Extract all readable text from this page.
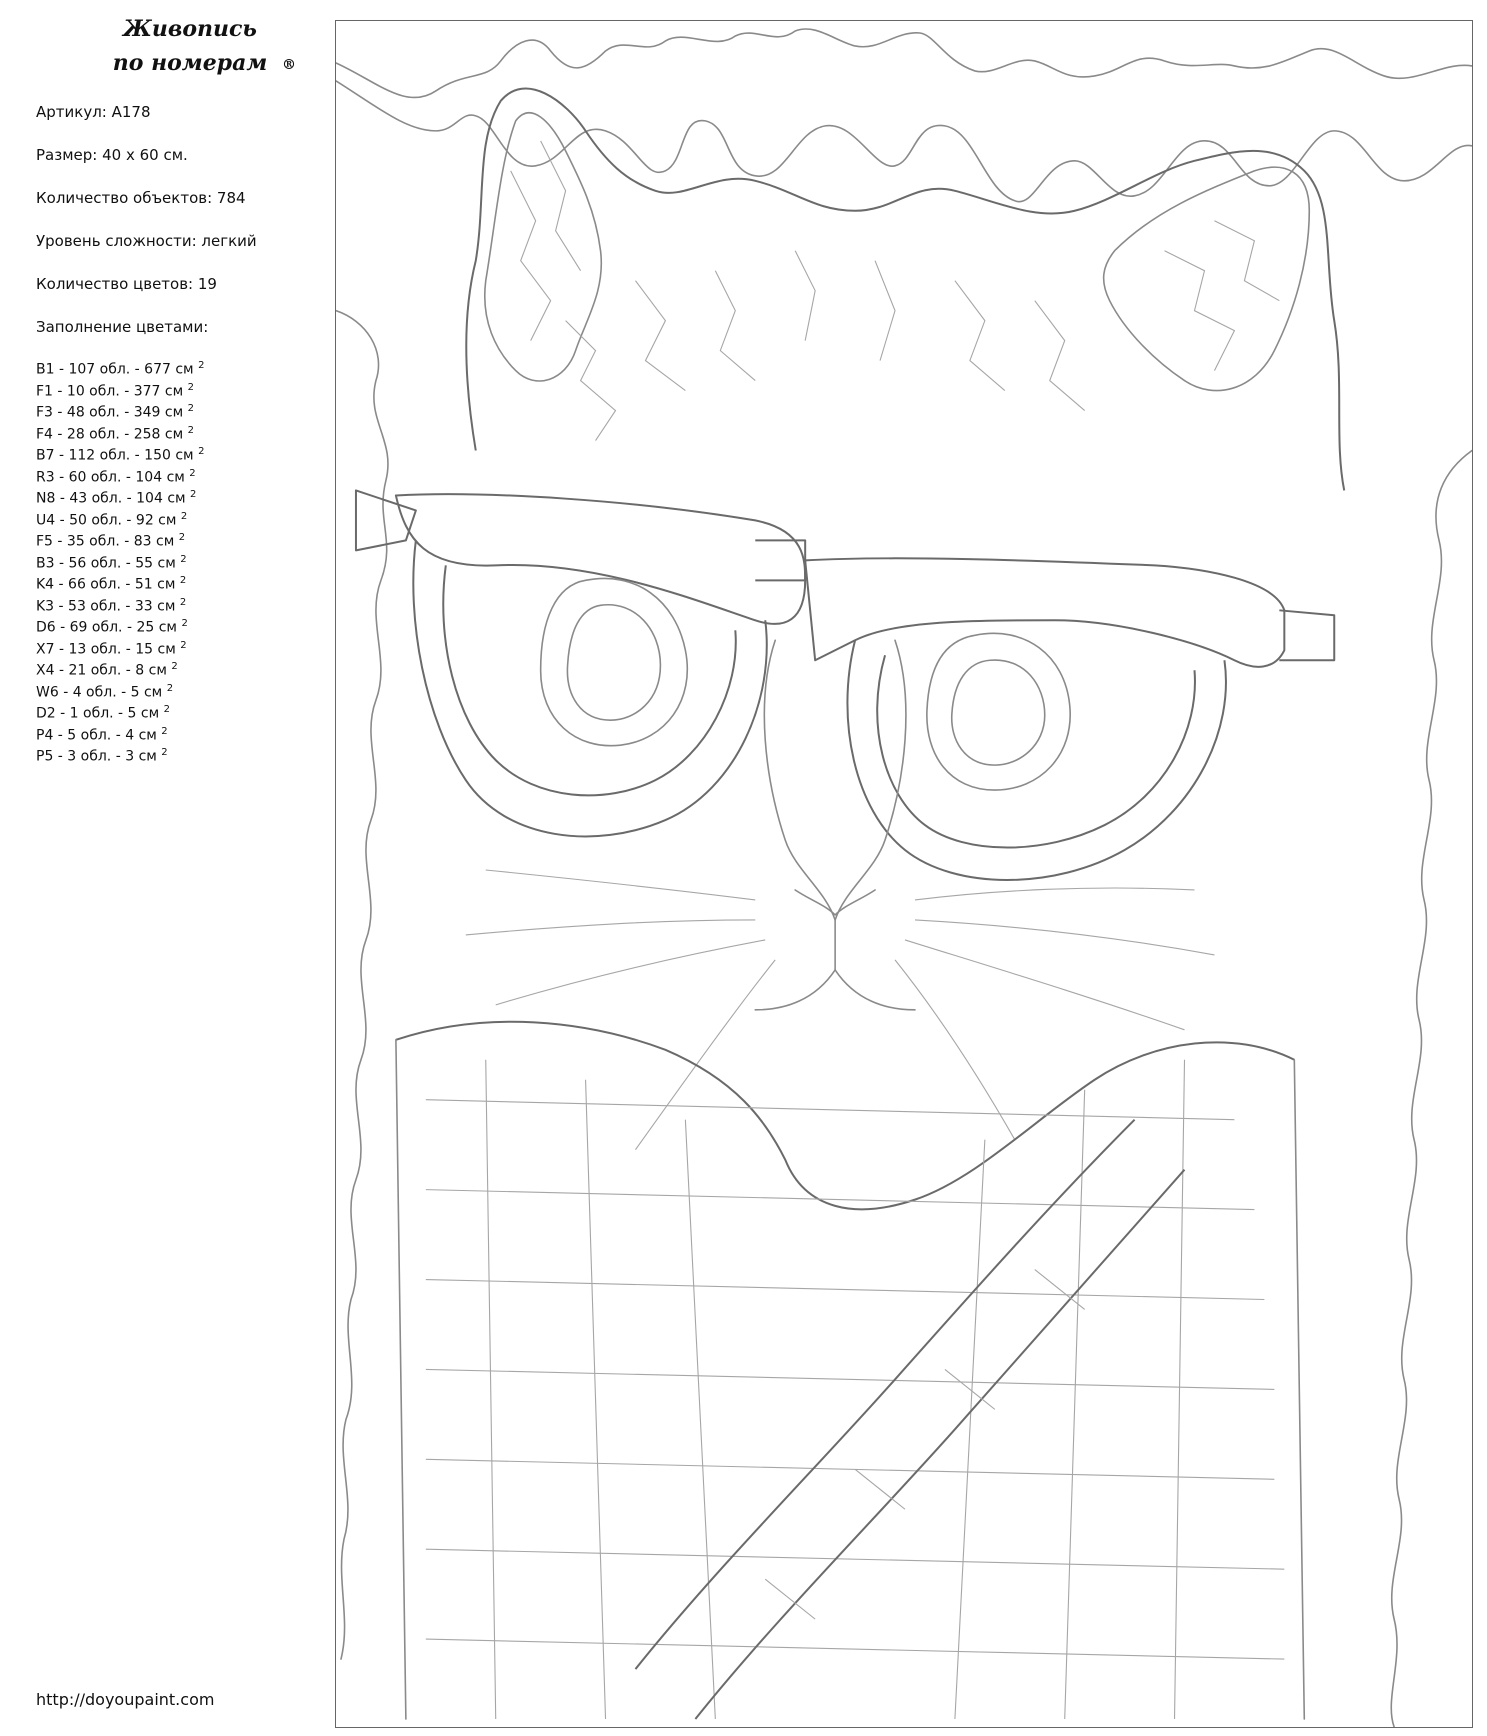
Живопись
по номерам ®
Артикул: А178
Размер: 40 х 60 см.
Количество объектов: 784
Уровень сложности: легкий
Количество цветов: 19
Заполнение цветами:
B1 - 107 обл. - 677 см $^2$
F1 - 10 обл. - 377 см $^2$
F3 - 48 обл. - 349 см $^2$
F4 - 28 обл. - 258 см $^2$
B7 - 112 обл. - 150 см $^2$
R3 - 60 обл. - 104 см $^2$
N8 - 43 обл. - 104 см $^2$
U4 - 50 обл. - 92 см $^2$
F5 - 35 обл. - 83 см $^2$
B3 - 56 обл. - 55 см $^2$
K4 - 66 обл. - 51 см $^2$
K3 - 53 обл. - 33 см $^2$
D6 - 69 обл. - 25 см $^2$
X7 - 13 обл. - 15 см $^2$
X4 - 21 обл. - 8 см $^2$
W6 - 4 обл. - 5 см $^2$
D2 - 1 обл. - 5 см $^2$
P4 - 5 обл. - 4 см $^2$
P5 - 3 обл. - 3 см $^2$
http://doyoupaint.com
